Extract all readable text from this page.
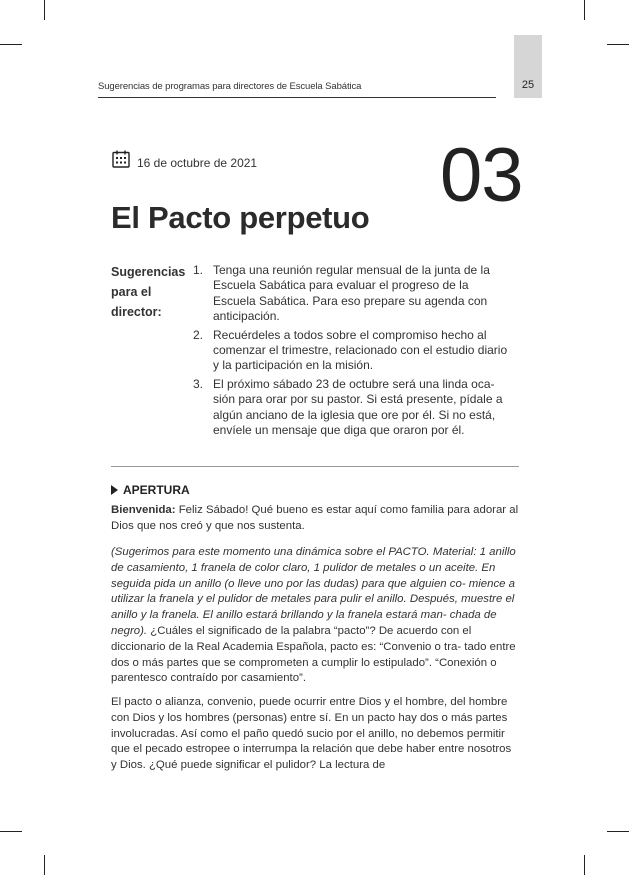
25
Sugerencias de programas para directores de Escuela Sabática
16 de octubre de 2021 03
El Pacto perpetuo
Sugerencias para el director:
1. Tenga una reunión regular mensual de la junta de la Escuela Sabática para evaluar el progreso de la Escuela Sabática. Para eso prepare su agenda con anticipación.
2. Recuérdeles a todos sobre el compromiso hecho al comenzar el trimestre, relacionado con el estudio diario y la participación en la misión.
3. El próximo sábado 23 de octubre será una linda oca- sión para orar por su pastor. Si está presente, pídale a algún anciano de la iglesia que ore por él. Si no está, envíele un mensaje que diga que oraron por él.
APERTURA

Bienvenida: Feliz Sábado! Qué bueno es estar aquí como familia para adorar al Dios que nos creó y que nos sustenta.

(Sugerimos para este momento una dinámica sobre el PACTO. Material: 1 anillo de casamiento, 1 franela de color claro, 1 pulidor de metales o un aceite. En seguida pida un anillo (o lleve uno por las dudas) para que alguien co- mience a utilizar la franela y el pulidor de metales para pulir el anillo. Después, muestre el anillo y la franela. El anillo estará brillando y la franela estará man- chada de negro). ¿Cuáles el significado de la palabra “pacto”? De acuerdo con el diccionario de la Real Academia Española, pacto es: “Convenio o tra- tado entre dos o más partes que se comprometen a cumplir lo estipulado”. “Conexión o parentesco contraído por casamiento”.

El pacto o alianza, convenio, puede ocurrir entre Dios y el hombre, del hombre con Dios y los hombres (personas) entre sí. En un pacto hay dos o más partes involucradas. Así como el paño quedó sucio por el anillo, no debemos permitir que el pecado estropee o interrumpa la relación que debe haber entre nosotros y Dios. ¿Qué puede significar el pulidor? La lectura de
